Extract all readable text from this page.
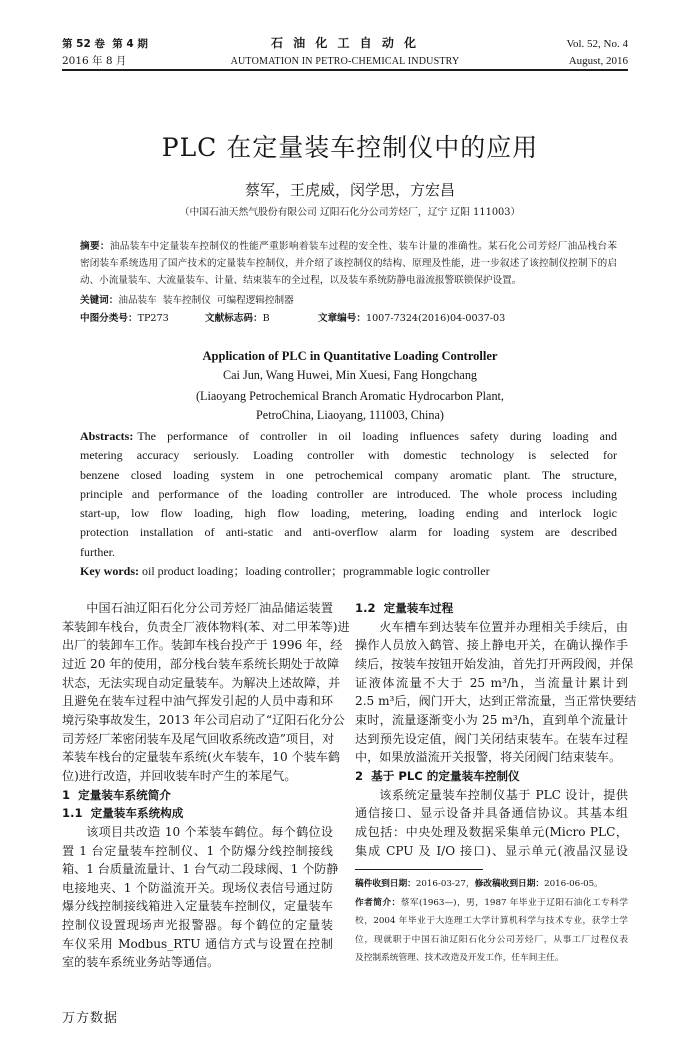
第 52 卷  第 4 期
2016 年 8 月
石 油 化 工 自 动 化
AUTOMATION IN PETRO-CHEMICAL INDUSTRY
Vol. 52, No. 4
August, 2016
PLC 在定量装车控制仪中的应用
蔡军，王虎威，闵学思，方宏昌
（中国石油天然气股份有限公司 辽阳石化分公司芳烃厂，辽宁 辽阳 111003）
摘要：油品装车中定量装车控制仪的性能严重影响着装车过程的安全性、装车计量的准确性。某石化公司芳烃厂油品栈台苯
密闭装车系统选用了国产技术的定量装车控制仪，并介绍了该控制仪的结构、原理及性能，进一步叙述了该控制仪控制下的启
动、小流量装车、大流量装车、计量、结束装车的全过程，以及装车系统防静电溢流报警联锁保护设置。
关键词：油品装车  装车控制仪  可编程逻辑控制器
中图分类号：TP273	文献标志码：B	文章编号：1007-7324(2016)04-0037-03
Application of PLC in Quantitative Loading Controller
Cai Jun, Wang Huwei, Min Xuesi, Fang Hongchang
(Liaoyang Petrochemical Branch Aromatic Hydrocarbon Plant,
PetroChina, Liaoyang, 111003, China)
Abstracts: The performance of controller in oil loading influences safety during loading and
metering accuracy seriously. Loading controller with domestic technology is selected for
benzene closed loading system in one petrochemical company aromatic plant. The structure,
principle and performance of the loading controller are introduced. The whole process including
start-up, low flow loading, high flow loading, metering, loading ending and interlock logic
protection installation of anti-static and anti-overflow alarm for loading system are described
further.
Key words: oil product loading；loading controller；programmable logic controller
中国石油辽阳石化分公司芳烃厂油品储运装置
苯装卸车栈台，负责全厂液体物料(苯、对二甲苯等)进
出厂的装卸车工作。装卸车栈台投产于 1996 年，经
过近 20 年的使用，部分栈台装车系统长期处于故障
状态，无法实现自动定量装车。为解决上述故障，并
且避免在装车过程中油气挥发引起的人员中毒和环
境污染事故发生，2013 年公司启动了“辽阳石化分公
司芳烃厂苯密闭装车及尾气回收系统改造”项目，对
苯装车栈台的定量装车系统(火车装车，10 个装车鹤
位)进行改造，并回收装车时产生的苯尾气。
1  定量装车系统简介
1.1  定量装车系统构成
该项目共改造 10 个苯装车鹤位。每个鹤位设
置 1 台定量装车控制仪、1 个防爆分线控制接线
箱、1 台质量流量计、1 台气动二段球阀、1 个防静
电接地夹、1 个防溢流开关。现场仪表信号通过防
爆分线控制接线箱进入定量装车控制仪，定量装车
控制仪设置现场声光报警器。每个鹤位的定量装
车仪采用 Modbus_RTU 通信方式与设置在控制
室的装车系统业务站等通信。
1.2  定量装车过程
火车槽车到达装车位置并办理相关手续后，由
操作人员放入鹤管、接上静电开关，在确认操作手
续后，按装车按钮开始发油，首先打开两段阀，并保
证液体流量不大于 25 m³/h，当流量计累计到
2.5 m³后，阀门开大，达到正常流量，当正常快要结
束时，流量逐渐变小为 25 m³/h，直到单个流量计
达到预先设定值，阀门关闭结束装车。在装车过程
中，如果放溢流开关报警，将关闭阀门结束装车。
2  基于 PLC 的定量装车控制仪
该系统定量装车控制仪基于 PLC 设计，提供
通信接口、显示设备并具备通信协议。其基本组
成包括：中央处理及数据采集单元(Micro PLC，
集成 CPU 及 I/O 接口)、显示单元(液晶汉显设
稿件收到日期：2016-03-27，修改稿收到日期：2016-06-05。
作者简介：蔡军(1963—)，男，1987 年毕业于辽阳石油化工专科学
校，2004 年毕业于大连理工大学计算机科学与技术专业，获学士学
位，现就职于中国石油辽阳石化分公司芳烃厂，从事工厂过程仪表
及控制系统管理、技术改造及开发工作，任车间主任。
万方数据
